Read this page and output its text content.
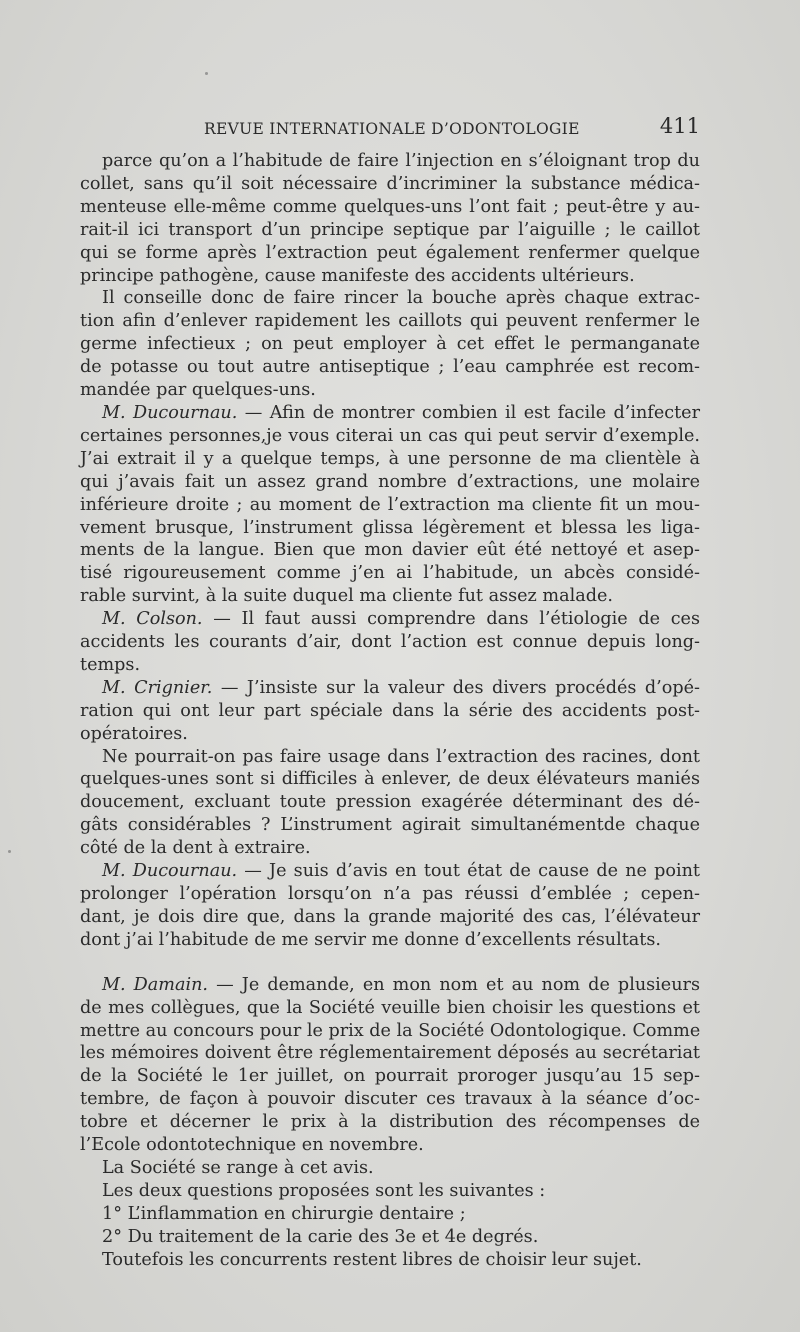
REVUE INTERNATIONALE D’ODONTOLOGIE	411
parce qu’on a l’habitude de faire l’injection en s’éloignant trop du
collet, sans qu’il soit nécessaire d’incriminer la substance médica-
menteuse elle-même comme quelques-uns l’ont fait ; peut-être y au-
rait-il ici transport d’un principe septique par l’aiguille ; le caillot
qui se forme après l’extraction peut également renfermer quelque
principe pathogène, cause manifeste des accidents ultérieurs.
Il conseille donc de faire rincer la bouche après chaque extrac-
tion afin d’enlever rapidement les caillots qui peuvent renfermer le
germe infectieux ; on peut employer à cet effet le permanganate
de potasse ou tout autre antiseptique ; l’eau camphrée est recom-
mandée par quelques-uns.
M. Ducournau. — Afin de montrer combien il est facile d’infecter
certaines personnes,je vous citerai un cas qui peut servir d’exemple.
J’ai extrait il y a quelque temps, à une personne de ma clientèle à
qui j’avais fait un assez grand nombre d’extractions, une molaire
inférieure droite ; au moment de l’extraction ma cliente fit un mou-
vement brusque, l’instrument glissa légèrement et blessa les liga-
ments de la langue. Bien que mon davier eût été nettoyé et asep-
tisé rigoureusement comme j’en ai l’habitude, un abcès considé-
rable survint, à la suite duquel ma cliente fut assez malade.
M. Colson. — Il faut aussi comprendre dans l’étiologie de ces
accidents les courants d’air, dont l’action est connue depuis long-
temps.
M. Crignier. — J’insiste sur la valeur des divers procédés d’opé-
ration qui ont leur part spéciale dans la série des accidents post-
opératoires.
Ne pourrait-on pas faire usage dans l’extraction des racines, dont
quelques-unes sont si difficiles à enlever, de deux élévateurs maniés
doucement, excluant toute pression exagérée déterminant des dé-
gâts considérables ? L’instrument agirait simultanémentde chaque
côté de la dent à extraire.
M. Ducournau. — Je suis d’avis en tout état de cause de ne point
prolonger l’opération lorsqu’on n’a pas réussi d’emblée ; cepen-
dant, je dois dire que, dans la grande majorité des cas, l’élévateur
dont j’ai l’habitude de me servir me donne d’excellents résultats.
M. Damain. — Je demande, en mon nom et au nom de plusieurs
de mes collègues, que la Société veuille bien choisir les questions et
mettre au concours pour le prix de la Société Odontologique. Comme
les mémoires doivent être réglementairement déposés au secrétariat
de la Société le 1er juillet, on pourrait proroger jusqu’au 15 sep-
tembre, de façon à pouvoir discuter ces travaux à la séance d’oc-
tobre et décerner le prix à la distribution des récompenses de
l’Ecole odontotechnique en novembre.
La Société se range à cet avis.
Les deux questions proposées sont les suivantes :
1° L’inflammation en chirurgie dentaire ;
2° Du traitement de la carie des 3e et 4e degrés.
Toutefois les concurrents restent libres de choisir leur sujet.
